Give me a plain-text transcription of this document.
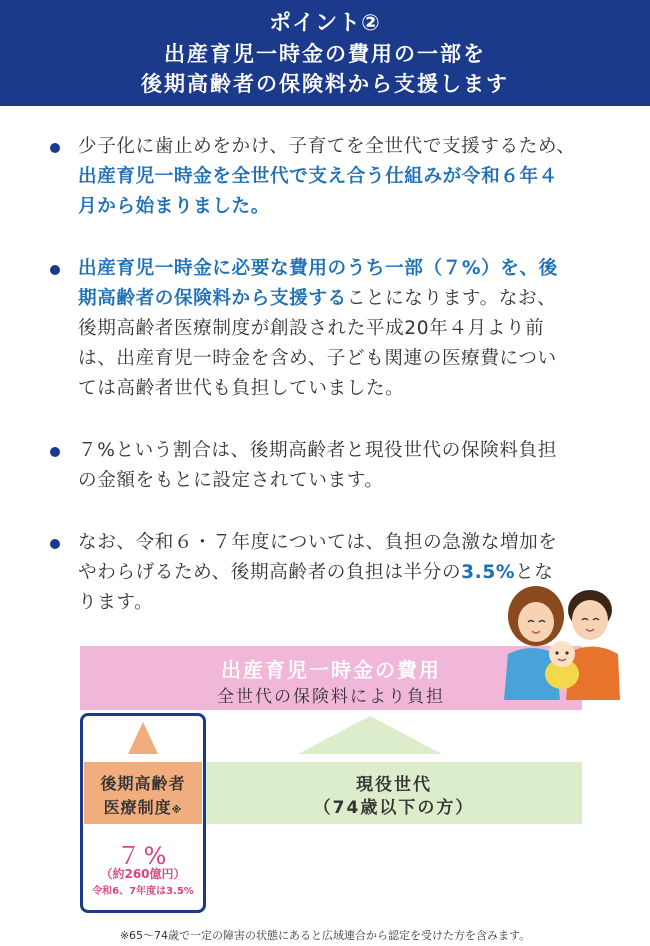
ポイント②
出産育児一時金の費用の一部を
後期高齢者の保険料から支援します
少子化に歯止めをかけ、子育てを全世代で支援するため、
出産育児一時金を全世代で支え合う仕組みが令和６年４
月から始まりました。
出産育児一時金に必要な費用のうち一部（７%）を、後
期高齢者の保険料から支援することになります。なお、
後期高齢者医療制度が創設された平成20年４月より前
は、出産育児一時金を含め、子ども関連の医療費につい
ては高齢者世代も負担していました。
７%という割合は、後期高齢者と現役世代の保険料負担
の金額をもとに設定されています。
なお、令和６・７年度については、負担の急激な増加を
やわらげるため、後期高齢者の負担は半分の3.5%とな
ります。
出産育児一時金の費用
全世代の保険料により負担
現役世代
（74歳以下の方）
後期高齢者
医療制度※
７%
（約260億円）
令和6、7年度は3.5%
※65〜74歳で一定の障害の状態にあると広域連合から認定を受けた方を含みます。
